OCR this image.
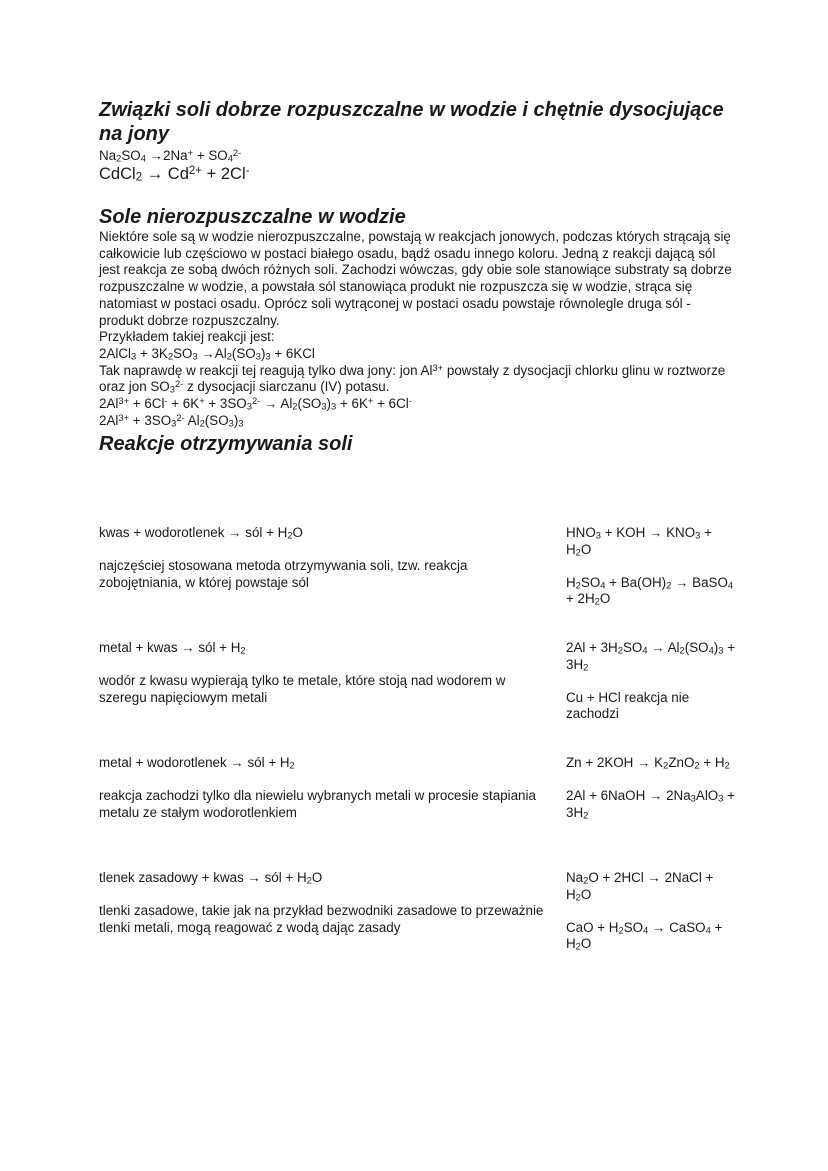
Związki soli dobrze rozpuszczalne w wodzie i chętnie dysocjujące na jony

$Na_2SO_4 \to 2Na^+ + SO_4^{2-}$

CdCl$_2$ → $Cd^{2+} + 2Cl^-$

Sole nierozpuszczalne w wodzie

Niektóre sole są w wodzie nierozpuszczalne, powstają w reakcjach jonowych, podczas których strącają się całkowicie lub częściowo w postaci białego osadu, bądź osadu innego koloru. Jedną z reakcji dającą sól jest reakcja ze sobą dwóch różnych soli. Zachodzi wówczas, gdy obie sole stanowiące substraty są dobrze rozpuszczalne w wodzie, a powstała sól stanowiąca produkt nie rozpuszcza się w wodzie, strąca się natomiast w postaci osadu. Oprócz soli wytrąconej w postaci osadu powstaje równolegle druga sól - produkt dobrze rozpuszczalny.

Przykładem takiej reakcji jest:

2AlCl$_3$ + $3K_2SO_3 \to Al_2(SO_3)_3 + 6KCl$

Tak naprawdę w reakcji tej reagują tylko dwa jony: jon $Al^{3+}$ powstały z dysocjacji chlorku glinu w roztworze oraz jon $SO_3^{2-}$ z dysocjacji siarczanu (IV) potasu.

$2Al^{3+} + 6Cl^- + 6K^+ + 3SO_3^{2-} \to Al_2(SO_3)_3 + 6K^+ + 6Cl^-$

$2Al^{3+} + 3SO_3^{2-}$ $Al_2(SO_3)_3$

Reakcje otrzymywania soli

kwas + wodorotlenek → sól + $H_2O$

najczęściej stosowana metoda otrzymywania soli, tzw. reakcja zobojętniania, w której powstaje sól

$HNO_3$ + KOH → $KNO_3 + H_2O$

$H_2SO_4 + Ba(OH)_2$ → BaSO$_4$ + $2H_2O$

metal + kwas → sól + $H_2$

wodór z kwasu wypierają tylko te metale, które stoją nad wodorem w szeregu napięciowym metali

$2Al + 3H_2SO_4 \to Al_2(SO_4)_3 + 3H_2$

Cu + HCl reakcja nie zachodzi

metal + wodorotlenek → sól + $H_2$

reakcja zachodzi tylko dla niewielu wybranych metali w procesie stapiania metalu ze stałym wodorotlenkiem

$Zn + 2KOH \to K_2ZnO_2 + H_2$

2Al + 6NaOH → $2Na_3AlO_3 + 3H_2$

tlenek zasadowy + kwas → sól + $H_2O$

tlenki zasadowe, takie jak na przykład bezwodniki zasadowe to przeważnie tlenki metali, mogą reagować z wodą dając zasady

$Na_2O + 2HCl$ → 2NaCl + $H_2O$

CaO + $H_2SO_4$ → CaSO$_4$ + $H_2O$
